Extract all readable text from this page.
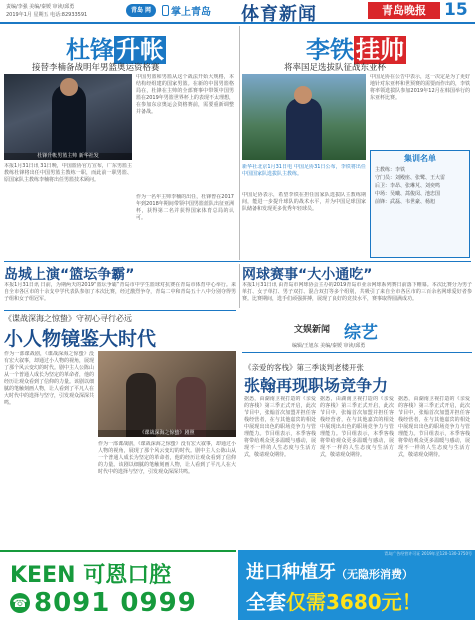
责编/李强 美编/秦媛 审读/邱勇
2019年1月 星期五 电话:82933591
青岛 网	掌上青岛 体育新闻	青岛晚报	15
杜锋升帐
接替李楠备战明年男篮奥运资格赛
杜锋升帐男篮主帅 新华社发
本报1月31日讯 31日晚，中国篮协官方宣布，广东男篮主教练杜锋将出任中国男篮主教练一职，而此前一职男篮、原国家队主教练李楠将出任男篮技术顾问。
中国男篮和男篮从这个战法开始大规格，本结构经组建的国家男篮。在新的中国男篮格局在，杜锋在主帅的全部赛事中带领中国男篮在2019年男篮世界杯上的表现不太理想，在参加东京奥运会资格赛前，需要重新调整并备战。
作为一名年主帅李楠的出任，杜锋曾在2017年到2018年期间带领中国男篮蓝队出征亚洲杯，获得第二名并获得国家体育总局的认可。
李铁挂帅
将率国足选拔队征战东亚杯
新华社北京1月31日电 中国足协31日公布，李铁将出任中国国家队选拔队主教练。
中国足协在公告中表示，这一决定是为了更好地针对东亚杯和世预赛的需要而作出的，李铁将率领选拔队参加2019年12月在韩国举行的东亚杯比赛。
中国足协表示，希望李铁在担任国家队选拔队主教练期间，能进一步提升球队的战术水平，并为中国足球国家队储备和发现更多优秀年轻球员。
集训名单
主教练：李铁
守门员：刘殿座、张鹭、王大雷
后卫：李昂、张琳芃、刘奕鸣
中场：吴曦、蒿俊闵、池忠国
前锋：武磊、韦世豪、杨旭
岛城上演“篮坛争霸”
本报1月31日讯 日前，为期两天的2019“篮坛争霸”青岛市中学生篮球对抗赛在青岛市体育中心举行。来自全市各区市的十余支中学代表队参加了本次比赛，经过激烈争夺，青岛二中和青岛五十八中分别夺得男子组和女子组冠军。
网球赛事“大小通吃”
本报1月31日讯 由青岛市网球协会主办的2019青岛市业余网球系列赛日前落下帷幕。本次比赛分为男子单打、女子单打、男子双打、混合双打等多个组别，共吸引了来自全市各区市的三百余名网球爱好者参赛。比赛期间，选手们顽强拼搏，展现了良好的竞技水平，赛事取得圆满成功。
《谍战深海之惊蛰》守初心寻行必远
小人物镜鉴大时代
作为一部谍战剧，《谍战深海之惊蛰》没有宏大叙事，却通过小人物的视角，展现了那个风云变幻的时代。剧中主人公陈山从一个普通人成长为坚定的革命者，他的经历让观众看到了信仰的力量。该剧以细腻的笔触刻画人物，让人看到了平凡人在大时代中的选择与坚守，引发观众深深共鸣。
《谍战深海之惊蛰》剧照
作为一部谍战剧，《谍战深海之惊蛰》没有宏大叙事，却通过小人物的视角，展现了那个风云变幻的时代。剧中主人公陈山从一个普通人成长为坚定的革命者，他的经历让观众看到了信仰的力量。该剧以细腻的笔触刻画人物，让人看到了平凡人在大时代中的选择与坚守，引发观众深深共鸣。
文娱新闻 综艺
编辑/王旭东 美编/秦媛 审读/邱勇
《亲爱的客栈》第三季谈判老楼开张
张翰再现职场竞争力
据悉，由湖南卫视打造的《亲爱的客栈》第三季正式开启，此次节目中，张翰首次加盟并担任客栈经营者，在与其他嘉宾的相处中展现出出色的职场竞争力与管理能力。节目组表示，本季客栈将带给观众更多温暖与感动，展现不一样的人生态度与生活方式，敬请观众期待。
据悉，由湖南卫视打造的《亲爱的客栈》第三季正式开启，此次节目中，张翰首次加盟并担任客栈经营者，在与其他嘉宾的相处中展现出出色的职场竞争力与管理能力。节目组表示，本季客栈将带给观众更多温暖与感动，展现不一样的人生态度与生活方式，敬请观众期待。
据悉，由湖南卫视打造的《亲爱的客栈》第三季正式开启，此次节目中，张翰首次加盟并担任客栈经营者，在与其他嘉宾的相处中展现出出色的职场竞争力与管理能力。节目组表示，本季客栈将带给观众更多温暖与感动，展现不一样的人生态度与生活方式，敬请观众期待。
KEEN 可恩口腔
☎ 8091 0999
青岛广告经营许可证 2019年至120-130-3750号
进口种植牙（无隐形消费）
全套仅需3680元！
